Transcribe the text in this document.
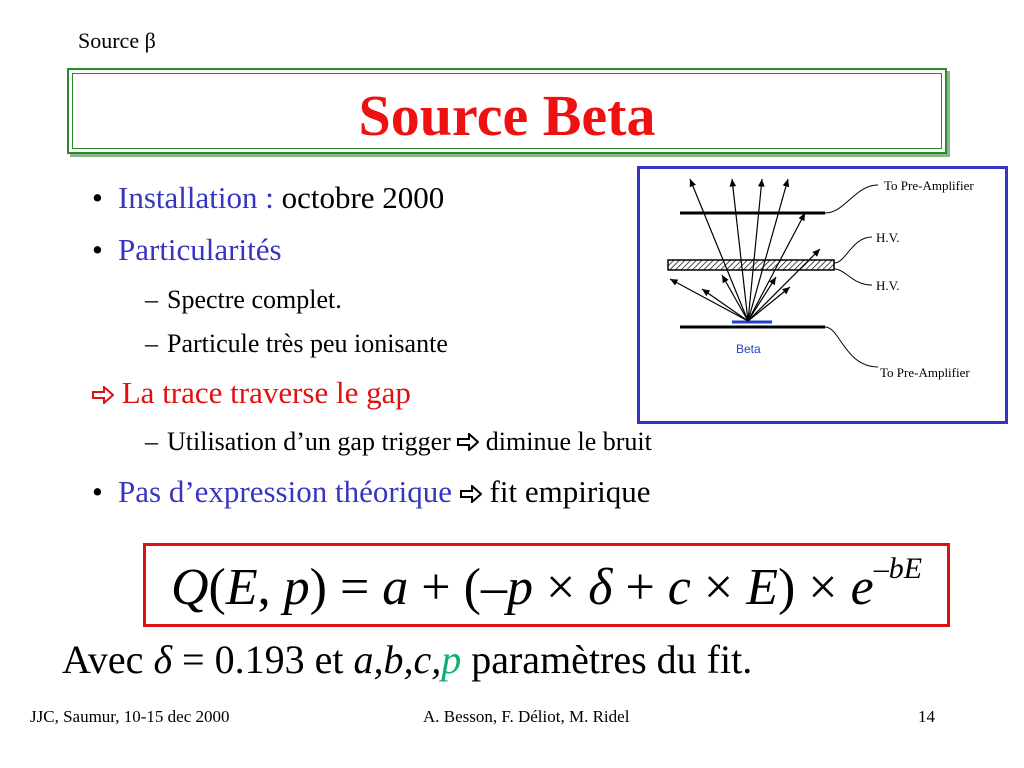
Source β
Source Beta
• Installation : octobre 2000
• Particularités
– Spectre complet.
– Particule très peu ionisante
La trace traverse le gap
– Utilisation d’un gap trigger diminue le bruit
• Pas d’expression théorique fit empirique
To Pre-Amplifier
H.V.
H.V.
Beta
To Pre-Amplifier
Q(E, $p) = a + (-p \times \delta + c \times E) \times e^{-bE}$
Avec δ = 0.193 et a,b,c,p paramètres du fit.
JJC, Saumur, 10-15 dec 2000	A. Besson, F. Déliot, M. Ridel	14
